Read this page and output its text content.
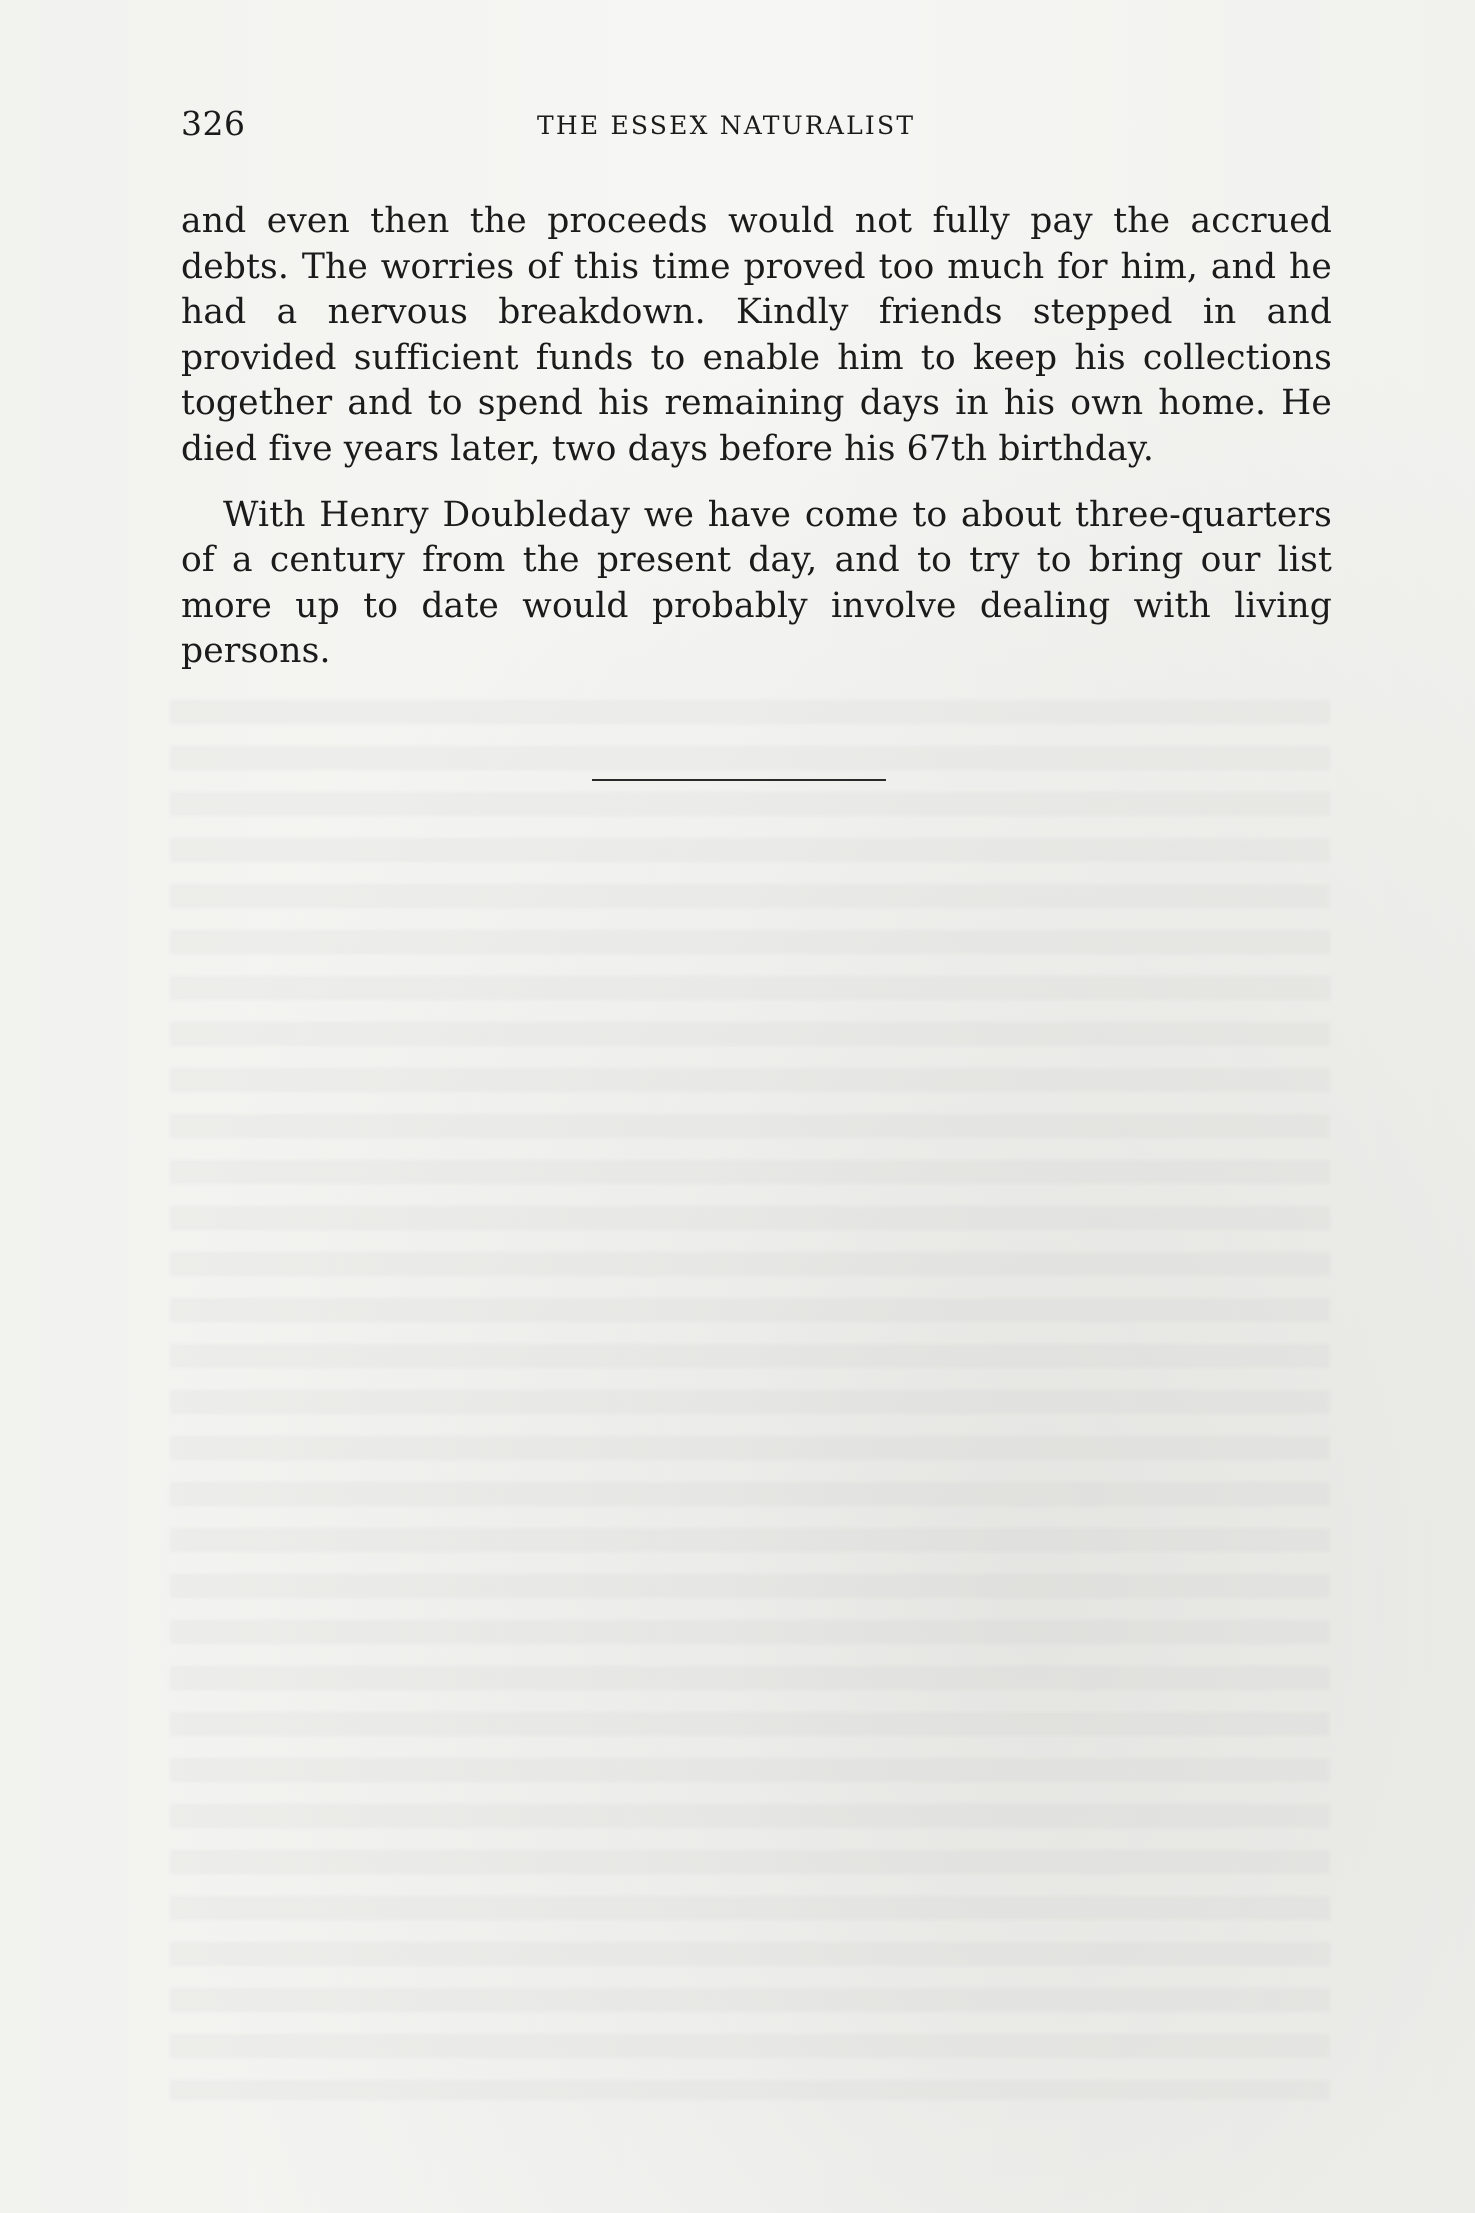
326	THE ESSEX NATURALIST

and even then the proceeds would not fully pay the accrued debts. The worries of this time proved too much for him, and he had a nervous breakdown. Kindly friends stepped in and provided sufficient funds to enable him to keep his collections together and to spend his remaining days in his own home. He died five years later, two days before his 67th birthday.

With Henry Doubleday we have come to about three-quarters of a century from the present day, and to try to bring our list more up to date would probably involve dealing with living persons.
